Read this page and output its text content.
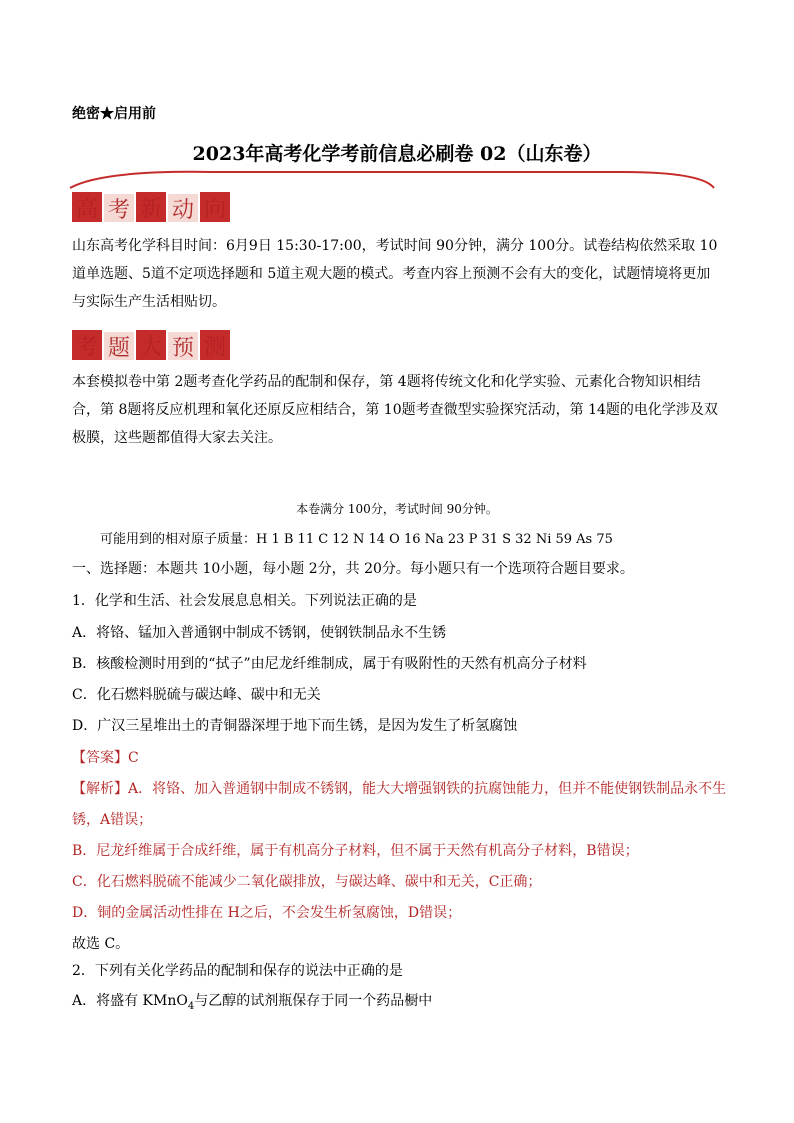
绝密★启用前
2023年高考化学考前信息必刷卷 02（山东卷）
高 考 新 动 向
山东高考化学科目时间：6月9日 15:30-17:00，考试时间 90分钟，满分 100分。试卷结构依然采取 10道单选题、5道不定项选择题和 5道主观大题的模式。考查内容上预测不会有大的变化，试题情境将更加与实际生产生活相贴切。
考 题 大 预 测
本套模拟卷中第 2题考查化学药品的配制和保存，第 4题将传统文化和化学实验、元素化合物知识相结合，第 8题将反应机理和氧化还原反应相结合，第 10题考查微型实验探究活动，第 14题的电化学涉及双极膜，这些题都值得大家去关注。
本卷满分 100分，考试时间 90分钟。
可能用到的相对原子质量：H 1 B 11 C 12 N 14 O 16 Na 23 P 31 S 32 Ni 59 As 75
一、选择题：本题共 10小题，每小题 2分，共 20分。每小题只有一个选项符合题目要求。
1．化学和生活、社会发展息息相关。下列说法正确的是
A．将铬、锰加入普通钢中制成不锈钢，使钢铁制品永不生锈
B．核酸检测时用到的“拭子”由尼龙纤维制成，属于有吸附性的天然有机高分子材料
C．化石燃料脱硫与碳达峰、碳中和无关
D．广汉三星堆出土的青铜器深埋于地下而生锈，是因为发生了析氢腐蚀
【答案】C
【解析】A．将铬、加入普通钢中制成不锈钢，能大大增强钢铁的抗腐蚀能力，但并不能使钢铁制品永不生
锈，A错误；
B．尼龙纤维属于合成纤维，属于有机高分子材料，但不属于天然有机高分子材料，B错误；
C．化石燃料脱硫不能减少二氧化碳排放，与碳达峰、碳中和无关，C正确；
D．铜的金属活动性排在 H之后，不会发生析氢腐蚀，D错误；
故选 C。
2．下列有关化学药品的配制和保存的说法中正确的是
A．将盛有 KMnO$_4$与乙醇的试剂瓶保存于同一个药品橱中
